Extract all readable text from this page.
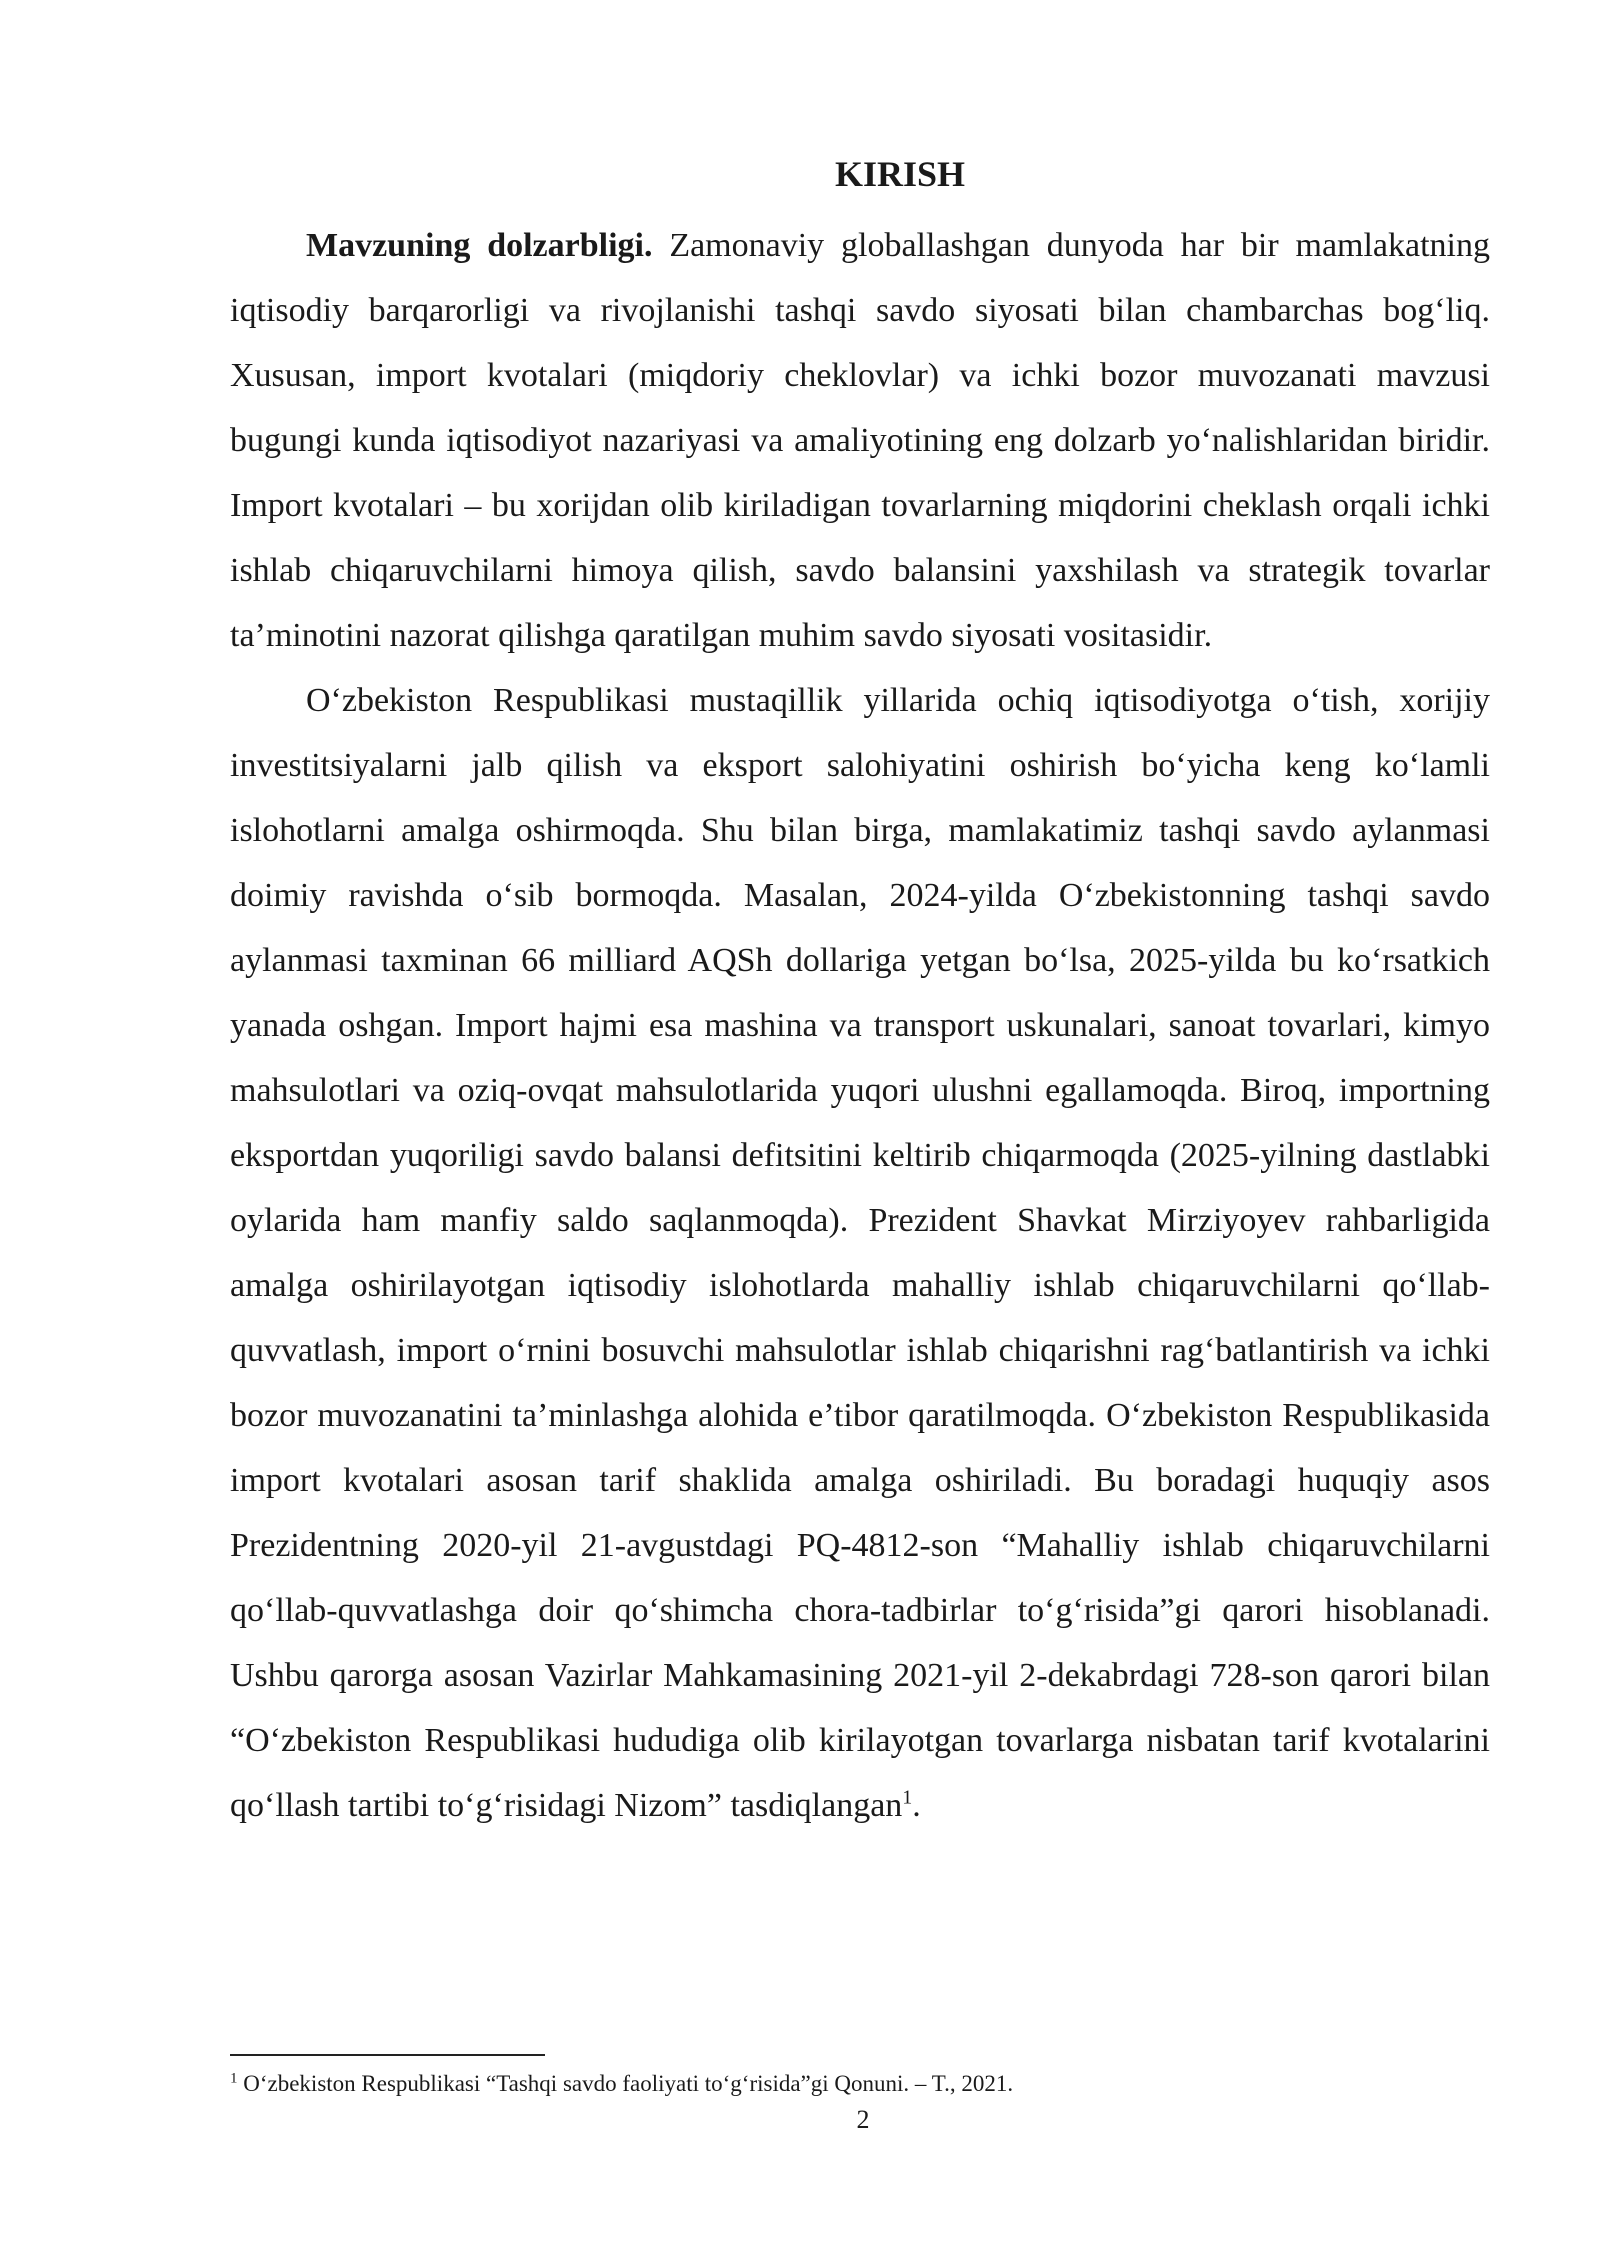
KIRISH

Mavzuning dolzarbligi. Zamonaviy globallashgan dunyoda har bir mamlakatning iqtisodiy barqarorligi va rivojlanishi tashqi savdo siyosati bilan chambarchas bogʻliq. Xususan, import kvotalari (miqdoriy cheklovlar) va ichki bozor muvozanati mavzusi bugungi kunda iqtisodiyot nazariyasi va amaliyotining eng dolzarb yoʻnalishlaridan biridir. Import kvotalari – bu xorijdan olib kiriladigan tovarlarning miqdorini cheklash orqali ichki ishlab chiqaruvchilarni himoya qilish, savdo balansini yaxshilash va strategik tovarlar ta’minotini nazorat qilishga qaratilgan muhim savdo siyosati vositasidir.

Oʻzbekiston Respublikasi mustaqillik yillarida ochiq iqtisodiyotga oʻtish, xorijiy investitsiyalarni jalb qilish va eksport salohiyatini oshirish boʻyicha keng koʻlamli islohotlarni amalga oshirmoqda. Shu bilan birga, mamlakatimiz tashqi savdo aylanmasi doimiy ravishda oʻsib bormoqda. Masalan, 2024-yilda Oʻzbekistonning tashqi savdo aylanmasi taxminan 66 milliard AQSh dollariga yetgan boʻlsa, 2025-yilda bu koʻrsatkich yanada oshgan. Import hajmi esa mashina va transport uskunalari, sanoat tovarlari, kimyo mahsulotlari va oziq-ovqat mahsulotlarida yuqori ulushni egallamoqda. Biroq, importning eksportdan yuqoriligi savdo balansi defitsitini keltirib chiqarmoqda (2025-yilning dastlabki oylarida ham manfiy saldo saqlanmoqda). Prezident Shavkat Mirziyoyev rahbarligida amalga oshirilayotgan iqtisodiy islohotlarda mahalliy ishlab chiqaruvchilarni qoʻllab-quvvatlash, import oʻrnini bosuvchi mahsulotlar ishlab chiqarishni ragʻbatlantirish va ichki bozor muvozanatini ta’minlashga alohida e’tibor qaratilmoqda. Oʻzbekiston Respublikasida import kvotalari asosan tarif shaklida amalga oshiriladi. Bu boradagi huquqiy asos Prezidentning 2020-yil 21-avgustdagi PQ-4812-son “Mahalliy ishlab chiqaruvchilarni qoʻllab-quvvatlashga doir qoʻshimcha chora-tadbirlar toʻgʻrisida”gi qarori hisoblanadi. Ushbu qarorga asosan Vazirlar Mahkamasining 2021-yil 2-dekabrdagi 728-son qarori bilan “Oʻzbekiston Respublikasi hududiga olib kirilayotgan tovarlarga nisbatan tarif kvotalarini qoʻllash tartibi toʻgʻrisidagi Nizom” tasdiqlangan$^1$.

$^1$ Oʻzbekiston Respublikasi “Tashqi savdo faoliyati toʻgʻrisida”gi Qonuni. – T., 2021.

2
